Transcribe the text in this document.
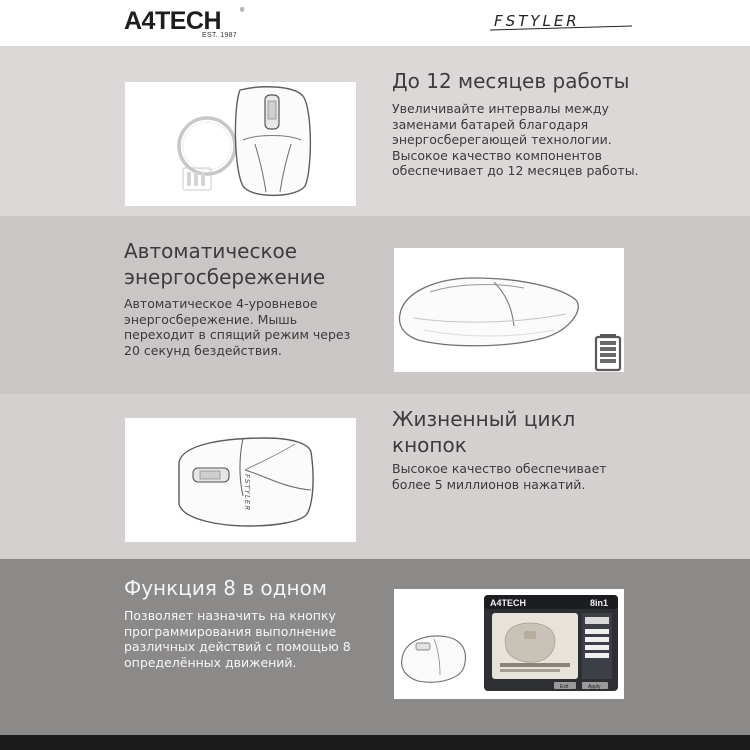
A4TECH	®
EST. 1987
FSTYLER
До 12 месяцев работы

Увеличивайте интервалы между заменами батарей благодаря энергосберегающей технологии. Высокое качество компонентов обеспечивает до 12 месяцев работы.

Автоматическое энергосбережение

Автоматическое 4-уровневое энергосбережение. Мышь переходит в спящий режим через 20 секунд бездействия.

FSTYLER
Жизненный цикл кнопок

Высокое качество обеспечивает более 5 миллионов нажатий.

Функция 8 в одном

Позволяет назначить на кнопку программирования выполнение различных действий с помощью 8 определённых движений.

A4TECH	8in1
Exit	Apply
